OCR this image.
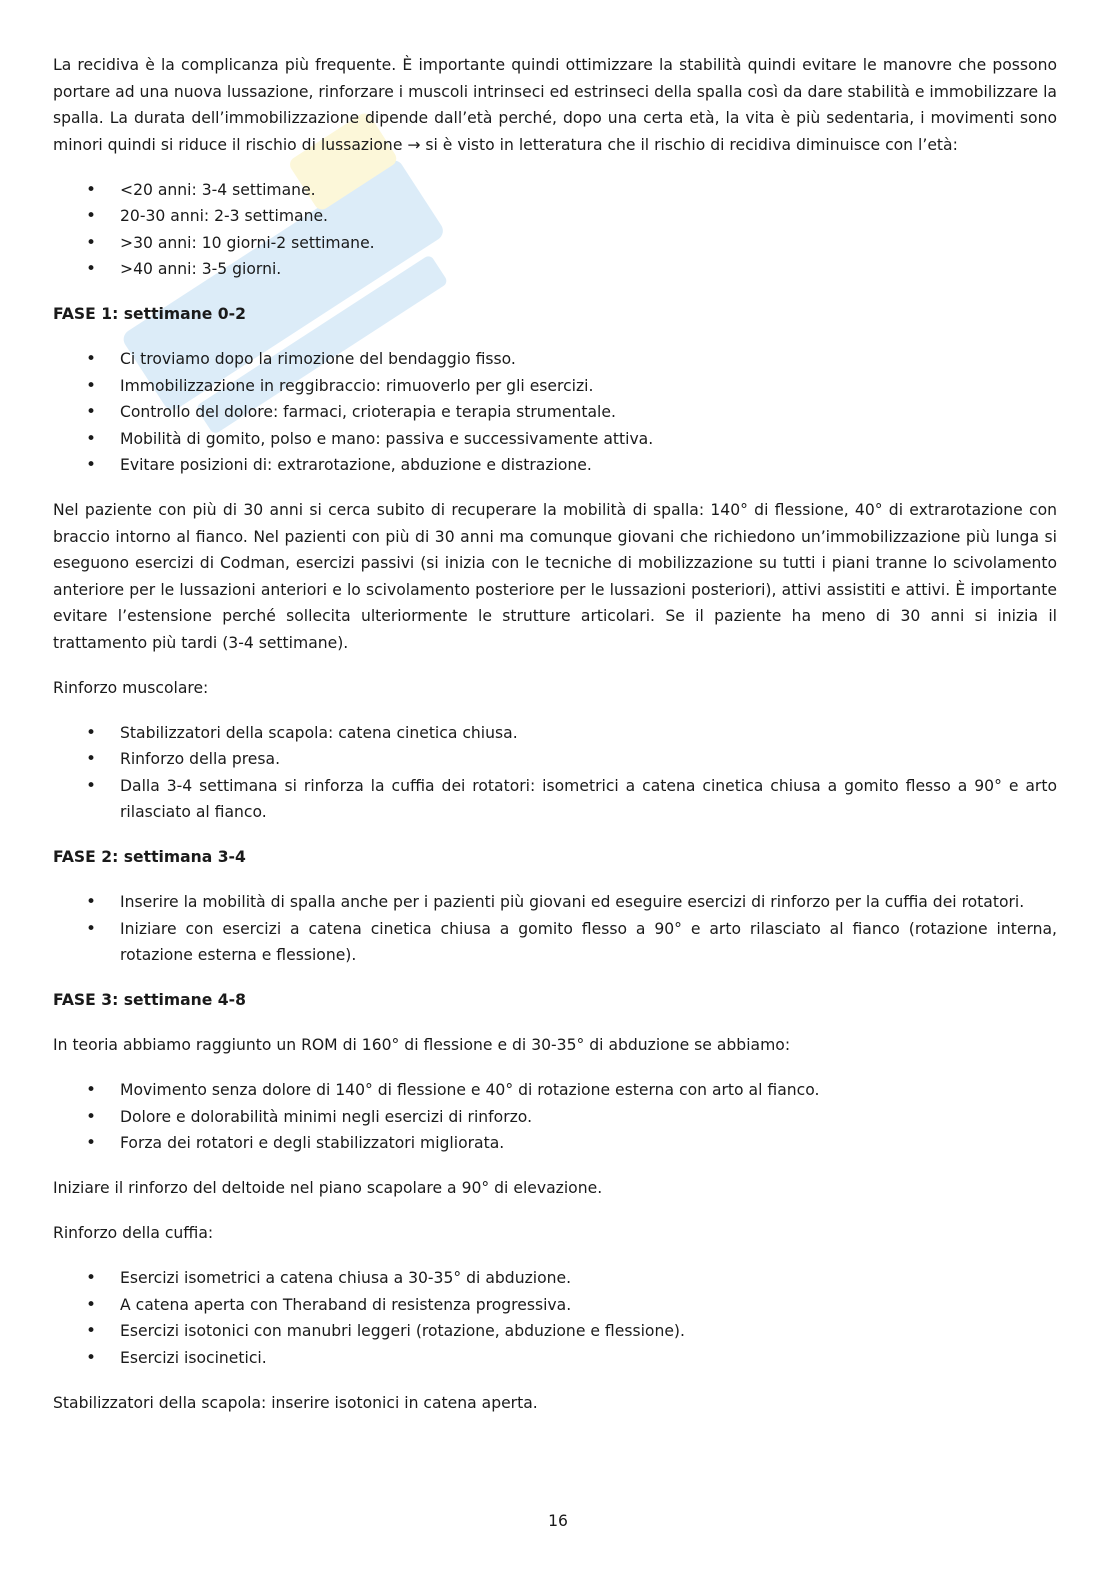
La recidiva è la complicanza più frequente. È importante quindi ottimizzare la stabilità quindi evitare le manovre che possono portare ad una nuova lussazione, rinforzare i muscoli intrinseci ed estrinseci della spalla così da dare stabilità e immobilizzare la spalla. La durata dell’immobilizzazione dipende dall’età perché, dopo una certa età, la vita è più sedentaria, i movimenti sono minori quindi si riduce il rischio di lussazione → si è visto in letteratura che il rischio di recidiva diminuisce con l’età:

• <20 anni: 3-4 settimane.
• 20-30 anni: 2-3 settimane.
• >30 anni: 10 giorni-2 settimane.
• >40 anni: 3-5 giorni.

FASE 1: settimane 0-2

• Ci troviamo dopo la rimozione del bendaggio fisso.
• Immobilizzazione in reggibraccio: rimuoverlo per gli esercizi.
• Controllo del dolore: farmaci, crioterapia e terapia strumentale.
• Mobilità di gomito, polso e mano: passiva e successivamente attiva.
• Evitare posizioni di: extrarotazione, abduzione e distrazione.

Nel paziente con più di 30 anni si cerca subito di recuperare la mobilità di spalla: 140° di flessione, 40° di extrarotazione con braccio intorno al fianco. Nel pazienti con più di 30 anni ma comunque giovani che richiedono un’immobilizzazione più lunga si eseguono esercizi di Codman, esercizi passivi (si inizia con le tecniche di mobilizzazione su tutti i piani tranne lo scivolamento anteriore per le lussazioni anteriori e lo scivolamento posteriore per le lussazioni posteriori), attivi assistiti e attivi. È importante evitare l’estensione perché sollecita ulteriormente le strutture articolari. Se il paziente ha meno di 30 anni si inizia il trattamento più tardi (3-4 settimane).

Rinforzo muscolare:

• Stabilizzatori della scapola: catena cinetica chiusa.
• Rinforzo della presa.
• Dalla 3-4 settimana si rinforza la cuffia dei rotatori: isometrici a catena cinetica chiusa a gomito flesso a 90° e arto rilasciato al fianco.

FASE 2: settimana 3-4

• Inserire la mobilità di spalla anche per i pazienti più giovani ed eseguire esercizi di rinforzo per la cuffia dei rotatori.
• Iniziare con esercizi a catena cinetica chiusa a gomito flesso a 90° e arto rilasciato al fianco (rotazione interna, rotazione esterna e flessione).

FASE 3: settimane 4-8

In teoria abbiamo raggiunto un ROM di 160° di flessione e di 30-35° di abduzione se abbiamo:

• Movimento senza dolore di 140° di flessione e 40° di rotazione esterna con arto al fianco.
• Dolore e dolorabilità minimi negli esercizi di rinforzo.
• Forza dei rotatori e degli stabilizzatori migliorata.

Iniziare il rinforzo del deltoide nel piano scapolare a 90° di elevazione.

Rinforzo della cuffia:

• Esercizi isometrici a catena chiusa a 30-35° di abduzione.
• A catena aperta con Theraband di resistenza progressiva.
• Esercizi isotonici con manubri leggeri (rotazione, abduzione e flessione).
• Esercizi isocinetici.

Stabilizzatori della scapola: inserire isotonici in catena aperta.

16
